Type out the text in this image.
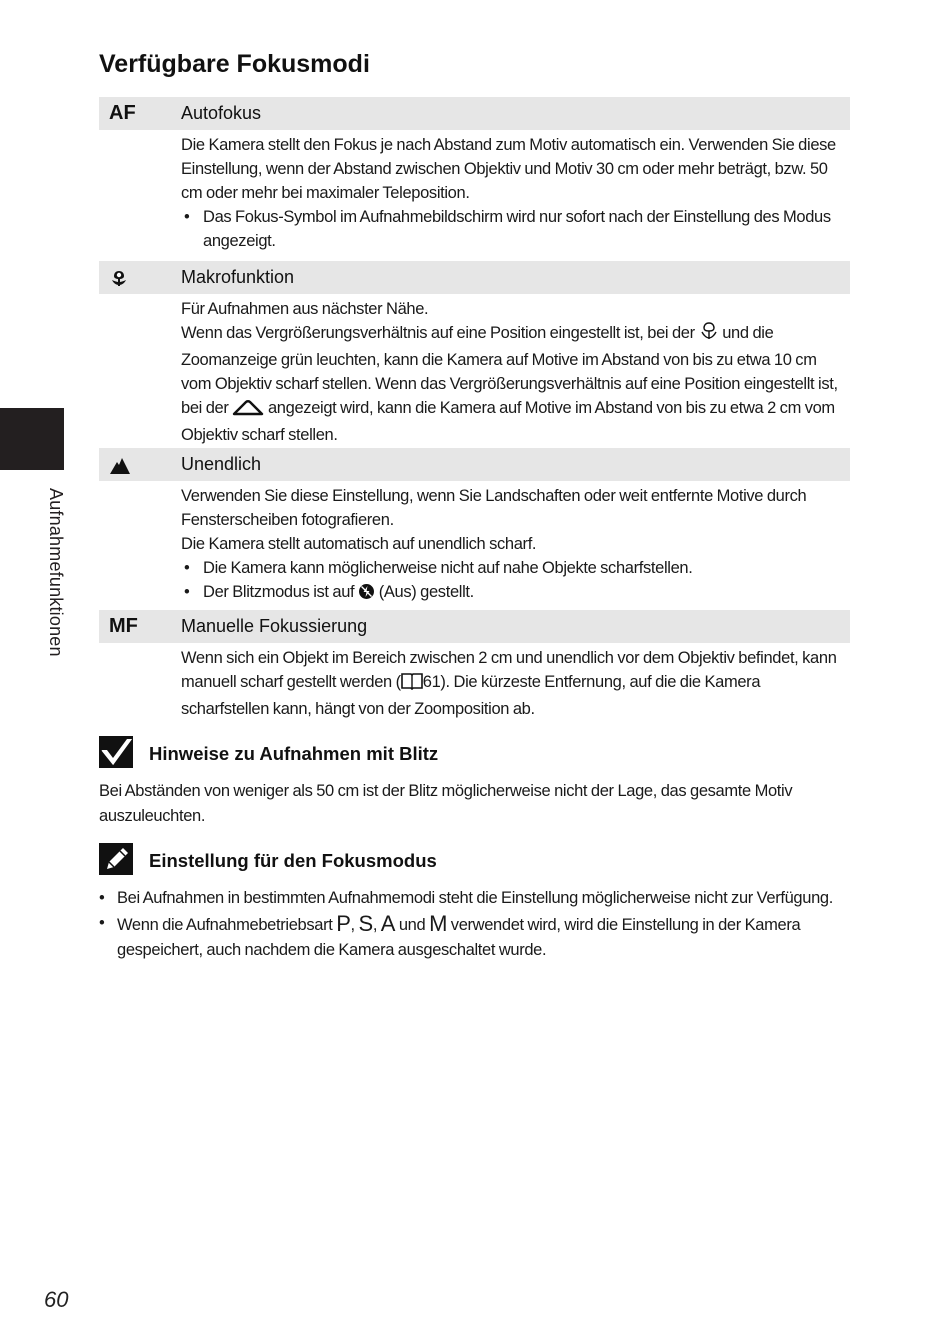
Aufnahmefunktionen
Verfügbare Fokusmodi
AF	Autofokus

Die Kamera stellt den Fokus je nach Abstand zum Motiv automatisch ein. Verwenden Sie diese Einstellung, wenn der Abstand zwischen Objektiv und Motiv 30 cm oder mehr beträgt, bzw. 50 cm oder mehr bei maximaler Teleposition.

• Das Fokus-Symbol im Aufnahmebildschirm wird nur sofort nach der Einstellung des Modus angezeigt.

Makrofunktion

Für Aufnahmen aus nächster Nähe.

Wenn das Vergrößerungsverhältnis auf eine Position eingestellt ist, bei der und die Zoomanzeige grün leuchten, kann die Kamera auf Motive im Abstand von bis zu etwa 10 cm vom Objektiv scharf stellen. Wenn das Vergrößerungsverhältnis auf eine Position eingestellt ist, bei der angezeigt wird, kann die Kamera auf Motive im Abstand von bis zu etwa 2 cm vom Objektiv scharf stellen.

Unendlich

Verwenden Sie diese Einstellung, wenn Sie Landschaften oder weit entfernte Motive durch Fensterscheiben fotografieren.

Die Kamera stellt automatisch auf unendlich scharf.

• Die Kamera kann möglicherweise nicht auf nahe Objekte scharfstellen.

• Der Blitzmodus ist auf (Aus) gestellt.

MF	Manuelle Fokussierung

Wenn sich ein Objekt im Bereich zwischen 2 cm und unendlich vor dem Objektiv befindet, kann manuell scharf gestellt werden ( 61). Die kürzeste Entfernung, auf die die Kamera scharfstellen kann, hängt von der Zoomposition ab.

Hinweise zu Aufnahmen mit Blitz

Bei Abständen von weniger als 50 cm ist der Blitz möglicherweise nicht der Lage, das gesamte Motiv auszuleuchten.

Einstellung für den Fokusmodus

• Bei Aufnahmen in bestimmten Aufnahmemodi steht die Einstellung möglicherweise nicht zur Verfügung.

• Wenn die Aufnahmebetriebsart P, S, A und M verwendet wird, wird die Einstellung in der Kamera gespeichert, auch nachdem die Kamera ausgeschaltet wurde.

60
